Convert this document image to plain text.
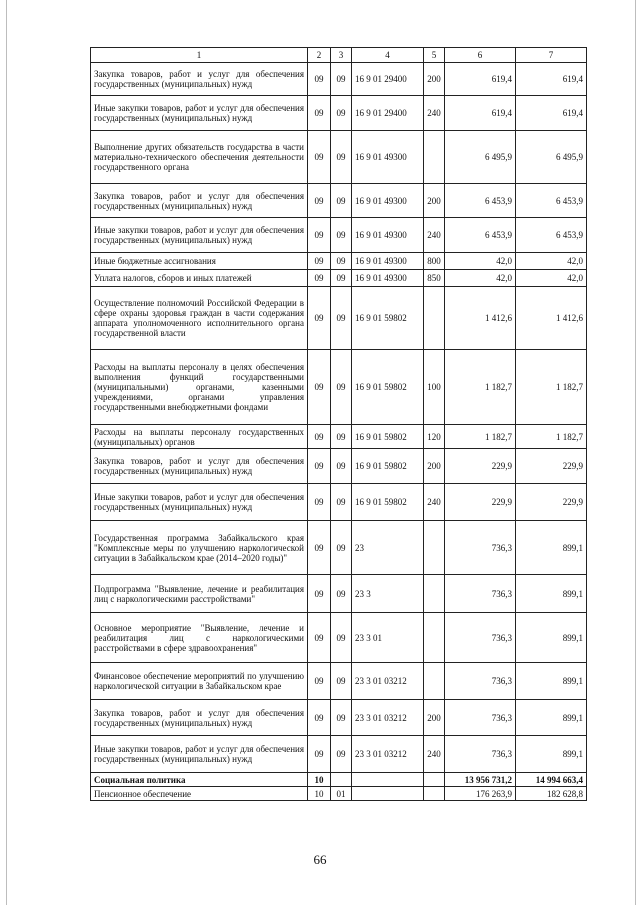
1	2	3	4	5	6	7
Закупка товаров, работ и услуг для обеспечения государственных (муниципальных) нужд	09	09	16 9 01 29400	200	619,4	619,4
Иные закупки товаров, работ и услуг для обеспечения государственных (муниципальных) нужд	09	09	16 9 01 29400	240	619,4	619,4
Выполнение других обязательств государства в части материально-технического обеспечения деятельности государственного органа	09	09	16 9 01 49300		6 495,9	6 495,9
Закупка товаров, работ и услуг для обеспечения государственных (муниципальных) нужд	09	09	16 9 01 49300	200	6 453,9	6 453,9
Иные закупки товаров, работ и услуг для обеспечения государственных (муниципальных) нужд	09	09	16 9 01 49300	240	6 453,9	6 453,9
Иные бюджетные ассигнования	09	09	16 9 01 49300	800	42,0	42,0
Уплата налогов, сборов и иных платежей	09	09	16 9 01 49300	850	42,0	42,0
Осуществление полномочий Российской Федерации в сфере охраны здоровья граждан в части содержания аппарата уполномоченного исполнительного органа государственной власти	09	09	16 9 01 59802		1 412,6	1 412,6
Расходы на выплаты персоналу в целях обеспечения выполнения функций государственными (муниципальными) органами, казенными учреждениями, органами управления государственными внебюджетными фондами	09	09	16 9 01 59802	100	1 182,7	1 182,7
Расходы на выплаты персоналу государственных (муниципальных) органов	09	09	16 9 01 59802	120	1 182,7	1 182,7
Закупка товаров, работ и услуг для обеспечения государственных (муниципальных) нужд	09	09	16 9 01 59802	200	229,9	229,9
Иные закупки товаров, работ и услуг для обеспечения государственных (муниципальных) нужд	09	09	16 9 01 59802	240	229,9	229,9
Государственная программа Забайкальского края "Комплексные меры по улучшению наркологической ситуации в Забайкальском крае (2014–2020 годы)"	09	09	23		736,3	899,1
Подпрограмма "Выявление, лечение и реабилитация лиц с наркологическими расстройствами"	09	09	23 3		736,3	899,1
Основное мероприятие "Выявление, лечение и реабилитация лиц с наркологическими расстройствами в сфере здравоохранения"	09	09	23 3 01		736,3	899,1
Финансовое обеспечение мероприятий по улучшению наркологической ситуации в Забайкальском крае	09	09	23 3 01 03212		736,3	899,1
Закупка товаров, работ и услуг для обеспечения государственных (муниципальных) нужд	09	09	23 3 01 03212	200	736,3	899,1
Иные закупки товаров, работ и услуг для обеспечения государственных (муниципальных) нужд	09	09	23 3 01 03212	240	736,3	899,1
Социальная политика	10				13 956 731,2	14 994 663,4
Пенсионное обеспечение	10	01			176 263,9	182 628,8
66
